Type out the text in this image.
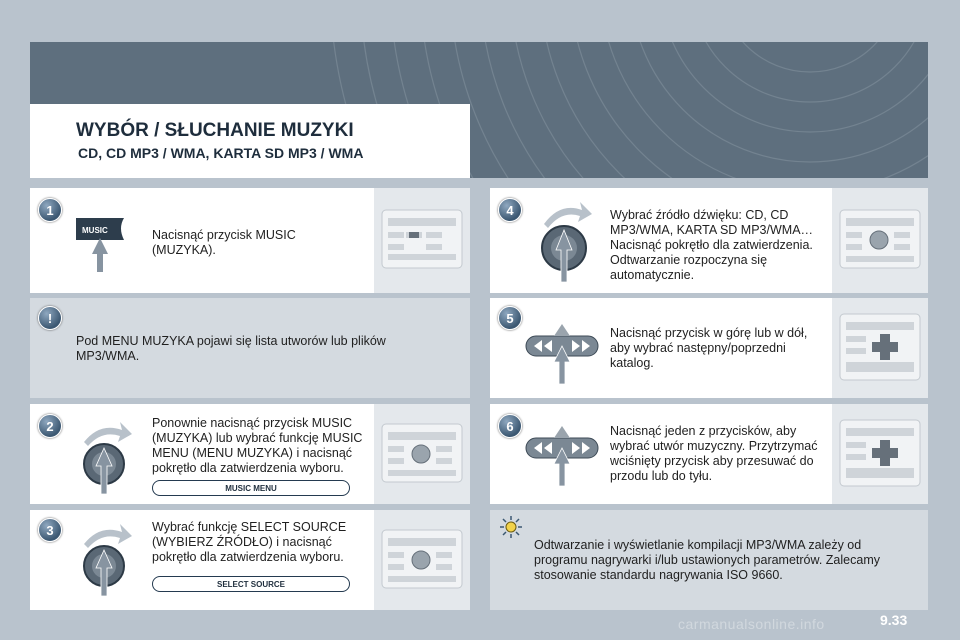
WYBÓR / SŁUCHANIE MUZYKI
CD, CD MP3 / WMA, KARTA SD MP3 / WMA
1
MUSIC	Nacisnąć przycisk MUSIC (MUZYKA).
!
Pod MENU MUZYKA pojawi się lista utworów lub plików MP3/WMA.
2	Ponownie nacisnąć przycisk MUSIC (MUZYKA) lub wybrać funkcję MUSIC MENU (MENU MUZYKA) i nacisnąć pokrętło dla zatwierdzenia wyboru.
MUSIC MENU
3	Wybrać funkcję SELECT SOURCE (WYBIERZ ŹRÓDŁO) i nacisnąć pokrętło dla zatwierdzenia wyboru.
SELECT SOURCE
4	Wybrać źródło dźwięku: CD, CD MP3/WMA, KARTA SD MP3/WMA… Nacisnąć pokrętło dla zatwierdzenia. Odtwarzanie rozpoczyna się automatycznie.
5
Nacisnąć przycisk w górę lub w dół, aby wybrać następny/poprzedni katalog.
6	Nacisnąć jeden z przycisków, aby wybrać utwór muzyczny. Przytrzymać wciśnięty przycisk aby przesuwać do przodu lub do tyłu.
Odtwarzanie i wyświetlanie kompilacji MP3/WMA zależy od programu nagrywarki i/lub ustawionych parametrów. Zalecamy stosowanie standardu nagrywania ISO 9660.
carmanualsonline.info	9.33
